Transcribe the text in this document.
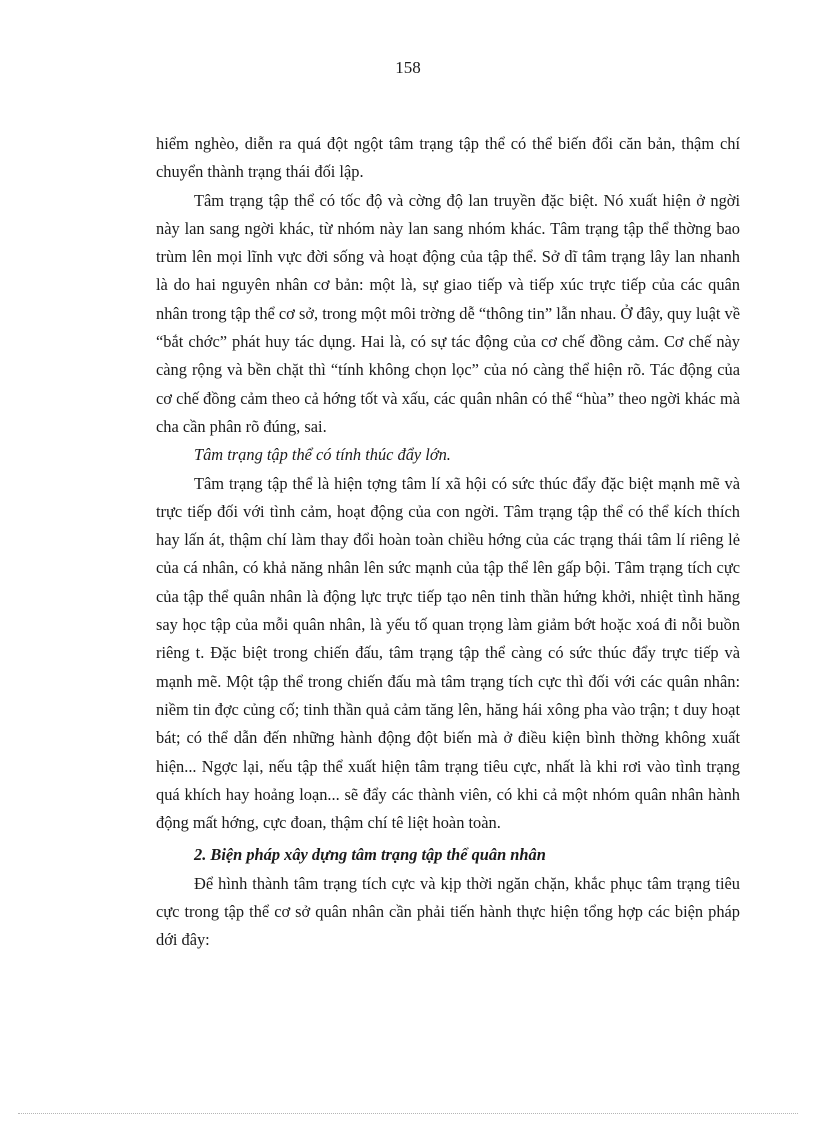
158

hiểm nghèo, diễn ra quá đột ngột tâm trạng tập thể có thể biến đổi căn bản, thậm chí chuyển thành trạng thái đối lập.

Tâm trạng tập thể có tốc độ và cờng độ lan truyền đặc biệt. Nó xuất hiện ở ngời này lan sang ngời khác, từ nhóm này lan sang nhóm khác. Tâm trạng tập thể thờng bao trùm lên mọi lĩnh vực đời sống và hoạt động của tập thể. Sở dĩ tâm trạng lây lan nhanh là do hai nguyên nhân cơ bản: một là, sự giao tiếp và tiếp xúc trực tiếp của các quân nhân trong tập thể cơ sở, trong một môi trờng dễ “thông tin” lẫn nhau. Ở đây, quy luật về “bắt chớc” phát huy tác dụng. Hai là, có sự tác động của cơ chế đồng cảm. Cơ chế này càng rộng và bền chặt thì “tính không chọn lọc” của nó càng thể hiện rõ. Tác động của cơ chế đồng cảm theo cả hớng tốt và xấu, các quân nhân có thể “hùa” theo ngời khác mà cha cần phân rõ đúng, sai.

Tâm trạng tập thể có tính thúc đẩy lớn.

Tâm trạng tập thể là hiện tợng tâm lí xã hội có sức thúc đẩy đặc biệt mạnh mẽ và trực tiếp đối với tình cảm, hoạt động của con ngời. Tâm trạng tập thể có thể kích thích hay lấn át, thậm chí làm thay đổi hoàn toàn chiều hớng của các trạng thái tâm lí riêng lẻ của cá nhân, có khả năng nhân lên sức mạnh của tập thể lên gấp bội. Tâm trạng tích cực của tập thể quân nhân là động lực trực tiếp tạo nên tinh thần hứng khởi, nhiệt tình hăng say học tập của mỗi quân nhân, là yếu tố quan trọng làm giảm bớt hoặc xoá đi nỗi buồn riêng t. Đặc biệt trong chiến đấu, tâm trạng tập thể càng có sức thúc đẩy trực tiếp và mạnh mẽ. Một tập thể trong chiến đấu mà tâm trạng tích cực thì đối với các quân nhân: niềm tin đợc củng cố; tinh thần quả cảm tăng lên, hăng hái xông pha vào trận; t duy hoạt bát; có thể dẫn đến những hành động đột biến mà ở điều kiện bình thờng không xuất hiện... Ngợc lại, nếu tập thể xuất hiện tâm trạng tiêu cực, nhất là khi rơi vào tình trạng quá khích hay hoảng loạn... sẽ đẩy các thành viên, có khi cả một nhóm quân nhân hành động mất hớng, cực đoan, thậm chí tê liệt hoàn toàn.

2. Biện pháp xây dựng tâm trạng tập thể quân nhân

Để hình thành tâm trạng tích cực và kịp thời ngăn chặn, khắc phục tâm trạng tiêu cực trong tập thể cơ sở quân nhân cần phải tiến hành thực hiện tổng hợp các biện pháp dới đây:
